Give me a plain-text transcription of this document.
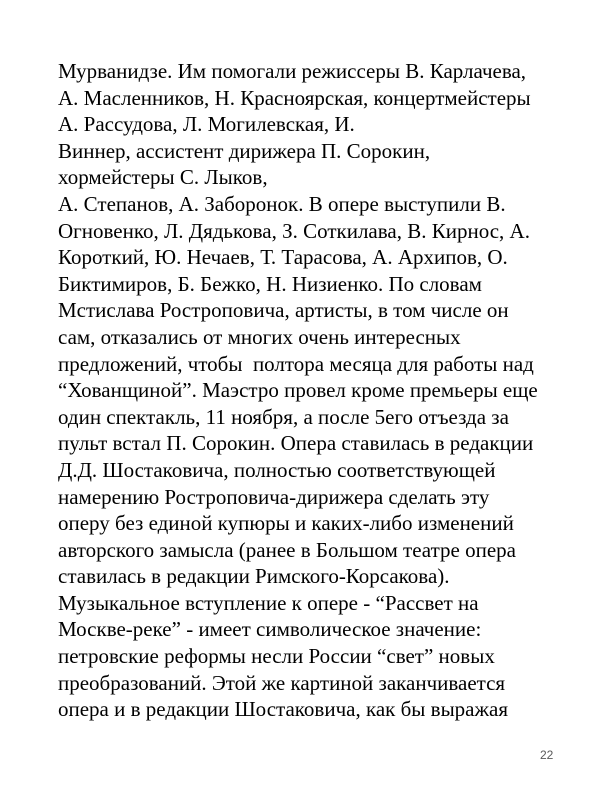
Мурванидзе. Им помогали режиссеры В. Карлачева,
А. Масленников, Н. Красноярская, концертмейстеры
А. Рассудова, Л. Могилевская, И.
Виннер, ассистент дирижера П. Сорокин,
хормейстеры С. Лыков,
А. Степанов, А. Заборонок. В опере выступили В.
Огновенко, Л. Дядькова, З. Соткилава, В. Кирнос, А.
Короткий, Ю. Нечаев, Т. Тарасова, А. Архипов, О.
Биктимиров, Б. Бежко, Н. Низиенко. По словам
Мстислава Ростроповича, артисты, в том числе он
сам, отказались от многих очень интересных
предложений, чтобы  полтора месяца для работы над
“Хованщиной”. Маэстро провел кроме премьеры еще
один спектакль, 11 ноября, а после 5его отъезда за
пульт встал П. Сорокин. Опера ставилась в редакции
Д.Д. Шостаковича, полностью соответствующей
намерению Ростроповича-дирижера сделать эту
оперу без единой купюры и каких-либо изменений
авторского замысла (ранее в Большом театре опера
ставилась в редакции Римского-Корсакова).
Музыкальное вступление к опере - “Рассвет на
Москве-реке” - имеет символическое значение:
петровские реформы несли России “свет” новых
преобразований. Этой же картиной заканчивается
опера и в редакции Шостаковича, как бы выражая
22
